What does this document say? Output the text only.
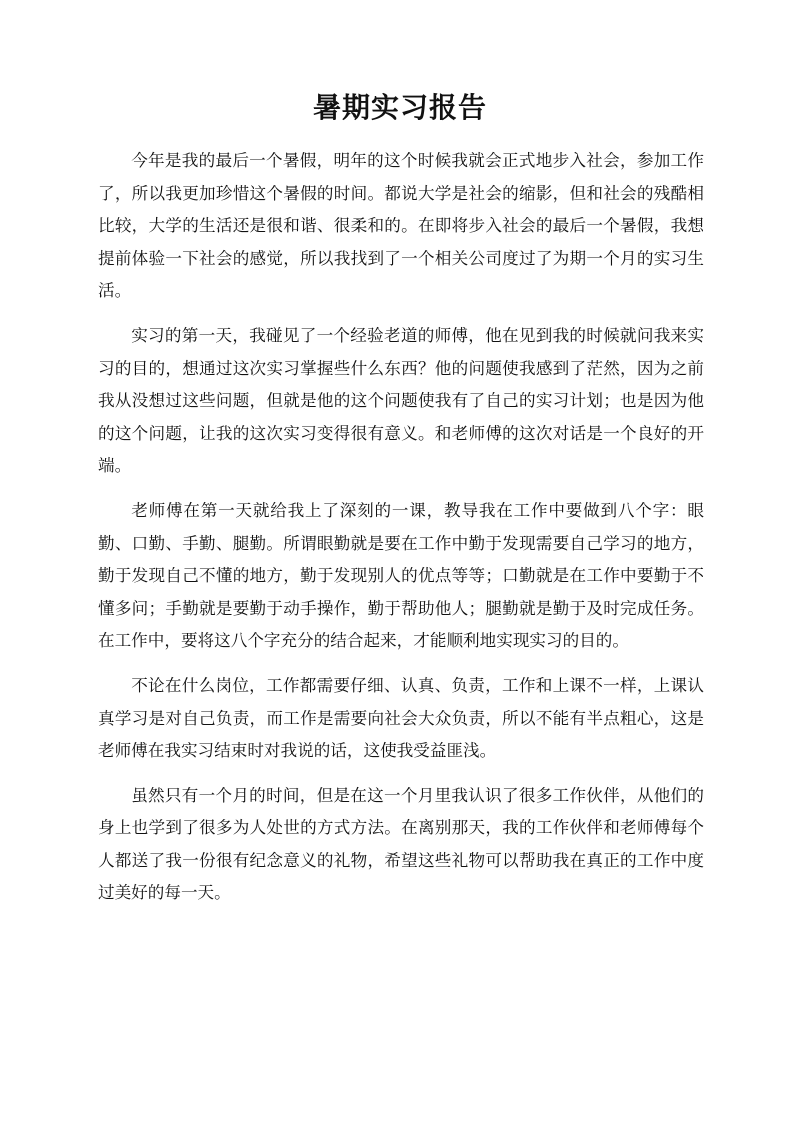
暑期实习报告

今年是我的最后一个暑假，明年的这个时候我就会正式地步入社会，参加工作了，所以我更加珍惜这个暑假的时间。都说大学是社会的缩影，但和社会的残酷相比较，大学的生活还是很和谐、很柔和的。在即将步入社会的最后一个暑假，我想提前体验一下社会的感觉，所以我找到了一个相关公司度过了为期一个月的实习生活。

实习的第一天，我碰见了一个经验老道的师傅，他在见到我的时候就问我来实习的目的，想通过这次实习掌握些什么东西？他的问题使我感到了茫然，因为之前我从没想过这些问题，但就是他的这个问题使我有了自己的实习计划；也是因为他的这个问题，让我的这次实习变得很有意义。和老师傅的这次对话是一个良好的开端。

老师傅在第一天就给我上了深刻的一课，教导我在工作中要做到八个字：眼勤、口勤、手勤、腿勤。所谓眼勤就是要在工作中勤于发现需要自己学习的地方，勤于发现自己不懂的地方，勤于发现别人的优点等等；口勤就是在工作中要勤于不懂多问；手勤就是要勤于动手操作，勤于帮助他人；腿勤就是勤于及时完成任务。在工作中，要将这八个字充分的结合起来，才能顺利地实现实习的目的。

不论在什么岗位，工作都需要仔细、认真、负责，工作和上课不一样，上课认真学习是对自己负责，而工作是需要向社会大众负责，所以不能有半点粗心，这是老师傅在我实习结束时对我说的话，这使我受益匪浅。

虽然只有一个月的时间，但是在这一个月里我认识了很多工作伙伴，从他们的身上也学到了很多为人处世的方式方法。在离别那天，我的工作伙伴和老师傅每个人都送了我一份很有纪念意义的礼物，希望这些礼物可以帮助我在真正的工作中度过美好的每一天。
